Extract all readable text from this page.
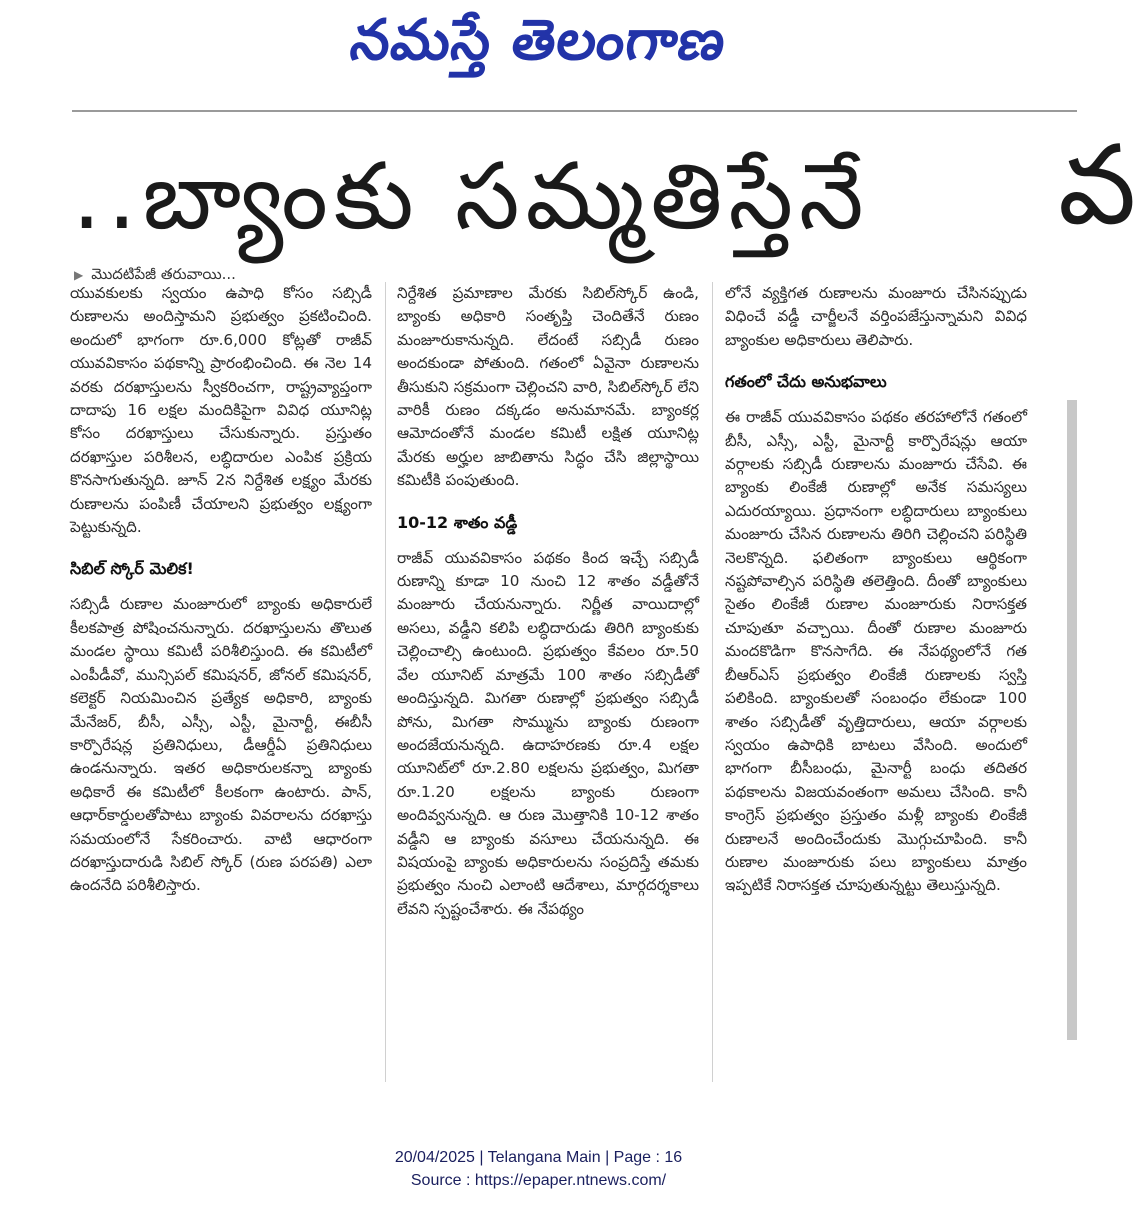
నమస్తే తెలంగాణ
..బ్యాంకు సమ్మతిస్తేనే	వ
▶ మొదటిపేజీ తరువాయి...

యువకులకు స్వయం ఉపాధి కోసం సబ్సిడీ రుణాలను అందిస్తామని ప్రభుత్వం ప్రకటించింది. అందులో భాగంగా రూ.6,000 కోట్లతో రాజీవ్ యువవికాసం పథకాన్ని ప్రారంభించింది. ఈ నెల 14 వరకు దరఖాస్తులను స్వీకరించగా, రాష్ట్రవ్యాప్తంగా దాదాపు 16 లక్షల మందికిపైగా వివిధ యూనిట్ల కోసం దరఖాస్తులు చేసుకున్నారు. ప్రస్తుతం దరఖాస్తుల పరిశీలన, లబ్ధిదారుల ఎంపిక ప్రక్రియ కొనసాగుతున్నది. జూన్ 2న నిర్దేశిత లక్ష్యం మేరకు రుణాలను పంపిణీ చేయాలని ప్రభుత్వం లక్ష్యంగా పెట్టుకున్నది.

సిబిల్ స్కోర్ మెలిక!

సబ్సిడీ రుణాల మంజూరులో బ్యాంకు అధికారులే కీలకపాత్ర పోషించనున్నారు. దరఖాస్తులను తొలుత మండల స్థాయి కమిటీ పరిశీలిస్తుంది. ఈ కమిటీలో ఎంపీడీవో, మున్సిపల్ కమిషనర్, జోనల్ కమిషనర్, కలెక్టర్ నియమించిన ప్రత్యేక అధికారి, బ్యాంకు మేనేజర్, బీసీ, ఎస్సీ, ఎస్టీ, మైనార్టీ, ఈబీసీ కార్పొరేషన్ల ప్రతినిధులు, డీఆర్డీఏ ప్రతినిధులు ఉండనున్నారు. ఇతర అధికారులకన్నా బ్యాంకు అధికారే ఈ కమిటీలో కీలకంగా ఉంటారు. పాన్, ఆధార్‌కార్డులతోపాటు బ్యాంకు వివరాలను దరఖాస్తు సమయంలోనే సేకరించారు. వాటి ఆధారంగా దరఖాస్తుదారుడి సిబిల్ స్కోర్ (రుణ పరపతి) ఎలా ఉందనేది పరిశీలిస్తారు.

నిర్దేశిత ప్రమాణాల మేరకు సిబిల్‌స్కోర్ ఉండి, బ్యాంకు అధికారి సంతృప్తి చెందితేనే రుణం మంజూరుకానున్నది. లేదంటే సబ్సిడీ రుణం అందకుండా పోతుంది. గతంలో ఏవైనా రుణాలను తీసుకుని సక్రమంగా చెల్లించని వారి, సిబిల్‌స్కోర్ లేని వారికీ రుణం దక్కడం అనుమానమే. బ్యాంకర్ల ఆమోదంతోనే మండల కమిటీ లక్షిత యూనిట్ల మేరకు అర్హుల జాబితాను సిద్ధం చేసి జిల్లాస్థాయి కమిటీకి పంపుతుంది.

10-12 శాతం వడ్డీ

రాజీవ్ యువవికాసం పథకం కింద ఇచ్చే సబ్సిడీ రుణాన్ని కూడా 10 నుంచి 12 శాతం వడ్డీతోనే మంజూరు చేయనున్నారు. నిర్ణీత వాయిదాల్లో అసలు, వడ్డీని కలిపి లబ్ధిదారుడు తిరిగి బ్యాంకుకు చెల్లించాల్సి ఉంటుంది. ప్రభుత్వం కేవలం రూ.50 వేల యూనిట్ మాత్రమే 100 శాతం సబ్సిడీతో అందిస్తున్నది. మిగతా రుణాల్లో ప్రభుత్వం సబ్సిడీ పోను, మిగతా సొమ్మును బ్యాంకు రుణంగా అందజేయనున్నది. ఉదాహరణకు రూ.4 లక్షల యూనిట్‌లో రూ.2.80 లక్షలను ప్రభుత్వం, మిగతా రూ.1.20 లక్షలను బ్యాంకు రుణంగా అందివ్వనున్నది. ఆ రుణ మొత్తానికి 10-12 శాతం వడ్డీని ఆ బ్యాంకు వసూలు చేయనున్నది. ఈ విషయంపై బ్యాంకు అధికారులను సంప్రదిస్తే తమకు ప్రభుత్వం నుంచి ఎలాంటి ఆదేశాలు, మార్గదర్శకాలు లేవని స్పష్టంచేశారు. ఈ నేపథ్యం

లోనే వ్యక్తిగత రుణాలను మంజూరు చేసినప్పుడు విధించే వడ్డీ చార్జీలనే వర్తింపజేస్తున్నామని వివిధ బ్యాంకుల అధికారులు తెలిపారు.

గతంలో చేదు అనుభవాలు

ఈ రాజీవ్ యువవికాసం పథకం తరహాలోనే గతంలో బీసీ, ఎస్సీ, ఎస్టీ, మైనార్టీ కార్పొరేషన్లు ఆయా వర్గాలకు సబ్సిడీ రుణాలను మంజూరు చేసేవి. ఈ బ్యాంకు లింకేజీ రుణాల్లో అనేక సమస్యలు ఎదురయ్యాయి. ప్రధానంగా లబ్ధిదారులు బ్యాంకులు మంజూరు చేసిన రుణాలను తిరిగి చెల్లించని పరిస్థితి నెలకొన్నది. ఫలితంగా బ్యాంకులు ఆర్థికంగా నష్టపోవాల్సిన పరిస్థితి తలెత్తింది. దీంతో బ్యాంకులు సైతం లింకేజీ రుణాల మంజూరుకు నిరాసక్తత చూపుతూ వచ్చాయి. దీంతో రుణాల మంజూరు మందకొడిగా కొనసాగేది. ఈ నేపథ్యంలోనే గత బీఆర్‌ఎస్ ప్రభుత్వం లింకేజీ రుణాలకు స్వస్తి పలికింది. బ్యాంకులతో సంబంధం లేకుండా 100 శాతం సబ్సిడీతో వృత్తిదారులు, ఆయా వర్గాలకు స్వయం ఉపాధికి బాటలు వేసింది. అందులో భాగంగా బీసీబంధు, మైనార్టీ బంధు తదితర పథకాలను విజయవంతంగా అమలు చేసింది. కానీ కాంగ్రెస్ ప్రభుత్వం ప్రస్తుతం మళ్లీ బ్యాంకు లింకేజీ రుణాలనే అందించేందుకు మొగ్గుచూపింది. కానీ రుణాల మంజూరుకు పలు బ్యాంకులు మాత్రం ఇప్పటికే నిరాసక్తత చూపుతున్నట్టు తెలుస్తున్నది.

20/04/2025 | Telangana Main | Page : 16
Source : https://epaper.ntnews.com/
